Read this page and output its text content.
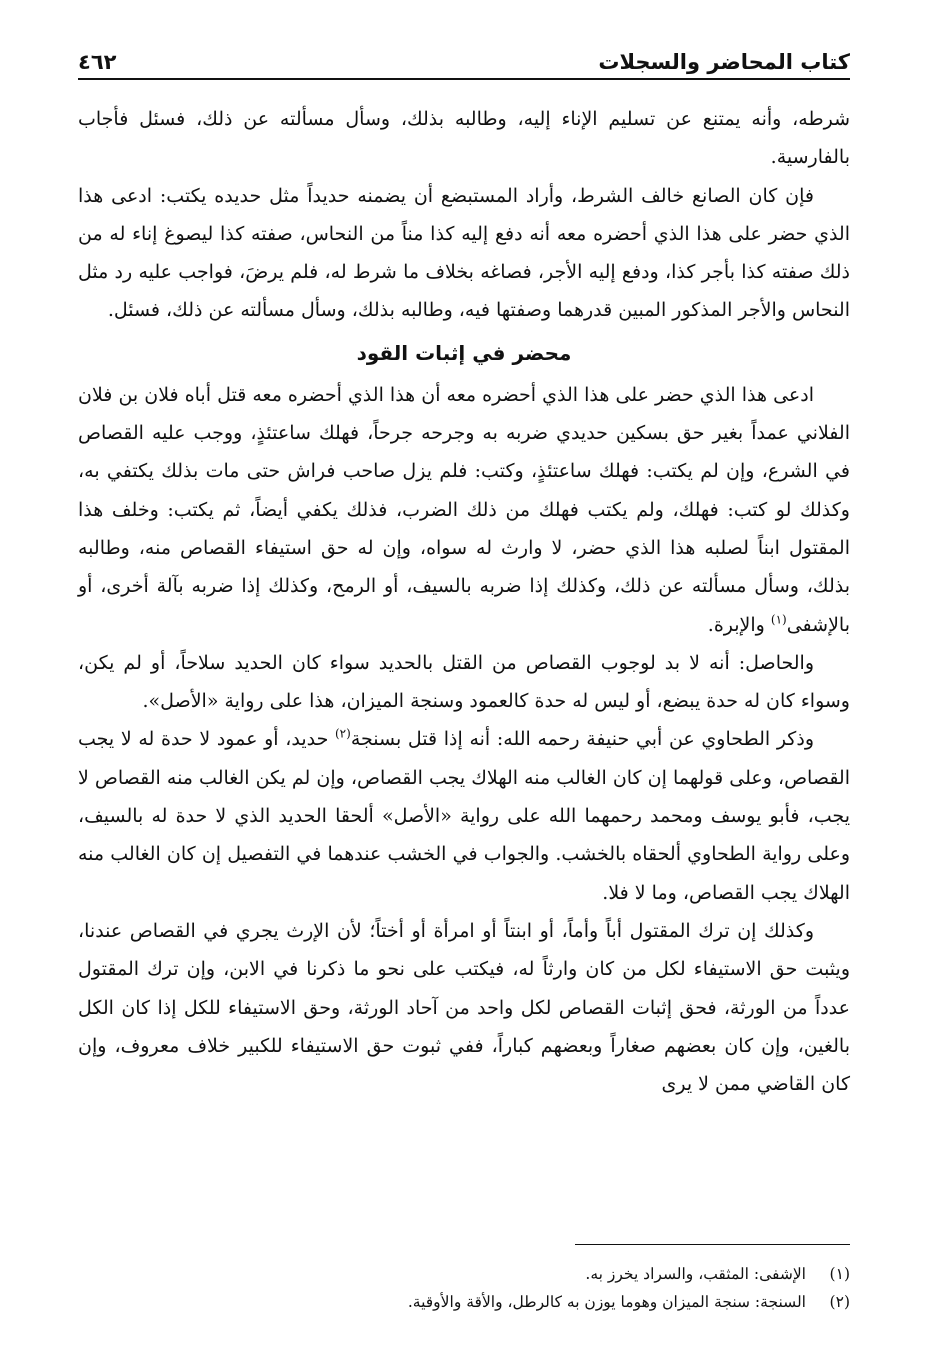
كتاب المحاضر والسجلات
٤٦٢

شرطه، وأنه يمتنع عن تسليم الإناء إليه، وطالبه بذلك، وسأل مسألته عن ذلك، فسئل فأجاب بالفارسية.

فإن كان الصانع خالف الشرط، وأراد المستبضع أن يضمنه حديداً مثل حديده يكتب: ادعى هذا الذي حضر على هذا الذي أحضره معه أنه دفع إليه كذا مناً من النحاس، صفته كذا ليصوغ إناء له من ذلك صفته كذا بأجر كذا، ودفع إليه الأجر، فصاغه بخلاف ما شرط له، فلم يرضَ، فواجب عليه رد مثل النحاس والأجر المذكور المبين قدرهما وصفتها فيه، وطالبه بذلك، وسأل مسألته عن ذلك، فسئل.

محضر في إثبات القود

ادعى هذا الذي حضر على هذا الذي أحضره معه أن هذا الذي أحضره معه قتل أباه فلان بن فلان الفلاني عمداً بغير حق بسكين حديدي ضربه به وجرحه جرحاً، فهلك ساعتئذٍ، ووجب عليه القصاص في الشرع، وإن لم يكتب: فهلك ساعتئذٍ، وكتب: فلم يزل صاحب فراش حتى مات بذلك يكتفي به، وكذلك لو كتب: فهلك، ولم يكتب فهلك من ذلك الضرب، فذلك يكفي أيضاً، ثم يكتب: وخلف هذا المقتول ابناً لصلبه هذا الذي حضر، لا وارث له سواه، وإن له حق استيفاء القصاص منه، وطالبه بذلك، وسأل مسألته عن ذلك، وكذلك إذا ضربه بالسيف، أو الرمح، وكذلك إذا ضربه بآلة أخرى، أو بالإشفى$^{(١)}$ والإبرة.

والحاصل: أنه لا بد لوجوب القصاص من القتل بالحديد سواء كان الحديد سلاحاً، أو لم يكن، وسواء كان له حدة يبضع، أو ليس له حدة كالعمود وسنجة الميزان، هذا على رواية «الأصل».

وذكر الطحاوي عن أبي حنيفة رحمه الله: أنه إذا قتل بسنجة$^{(٢)}$ حديد، أو عمود لا حدة له لا يجب القصاص، وعلى قولهما إن كان الغالب منه الهلاك يجب القصاص، وإن لم يكن الغالب منه القصاص لا يجب، فأبو يوسف ومحمد رحمهما الله على رواية «الأصل» ألحقا الحديد الذي لا حدة له بالسيف، وعلى رواية الطحاوي ألحقاه بالخشب. والجواب في الخشب عندهما في التفصيل إن كان الغالب منه الهلاك يجب القصاص، وما لا فلا.

وكذلك إن ترك المقتول أباً وأماً، أو ابنتاً أو امرأة أو أختاً؛ لأن الإرث يجري في القصاص عندنا، ويثبت حق الاستيفاء لكل من كان وارثاً له، فيكتب على نحو ما ذكرنا في الابن، وإن ترك المقتول عدداً من الورثة، فحق إثبات القصاص لكل واحد من آحاد الورثة، وحق الاستيفاء للكل إذا كان الكل بالغين، وإن كان بعضهم صغاراً وبعضهم كباراً، ففي ثبوت حق الاستيفاء للكبير خلاف معروف، وإن كان القاضي ممن لا يرى

(١)
الإشفى: المثقب، والسراد يخرز به.
(٢)
السنجة: سنجة الميزان وهوما يوزن به كالرطل، والأقة والأوقية.
